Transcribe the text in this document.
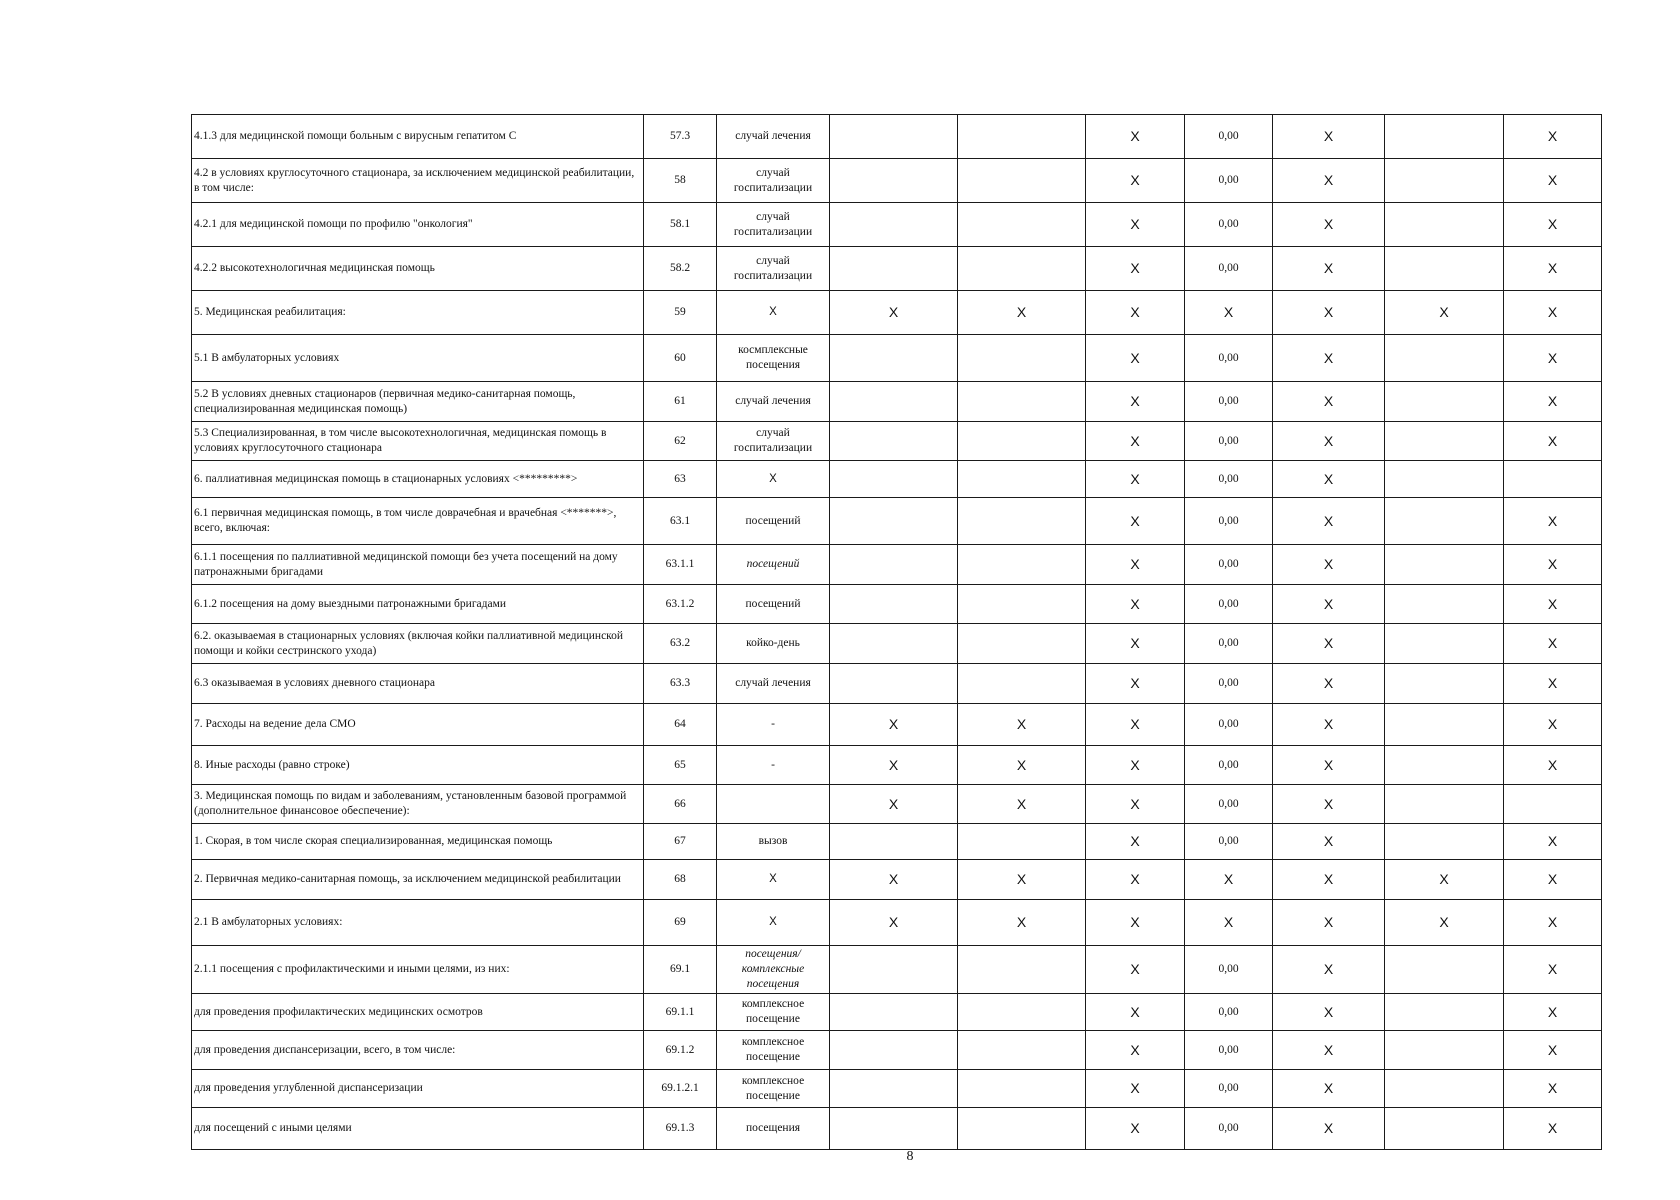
4.1.3 для медицинской помощи больным с вирусным гепатитом С	57.3	случай лечения			X	0,00	X		X
4.2 в условиях круглосуточного стационара, за исключением медицинской реабилитации, в том числе:	58	случай госпитализации			X	0,00	X		X
4.2.1 для медицинской помощи по профилю "онкология"	58.1	случай госпитализации			X	0,00	X		X
4.2.2 высокотехнологичная медицинская помощь	58.2	случай госпитализации			X	0,00	X		X
5. Медицинская реабилитация:	59	X	X	X	X	X	X	X	X
5.1 В амбулаторных условиях	60	космплексные посещения			X	0,00	X		X
5.2 В условиях дневных стационаров (первичная медико-санитарная помощь, специализированная медицинская помощь)	61	случай лечения			X	0,00	X		X
5.3 Специализированная, в том числе высокотехнологичная, медицинская помощь в условиях круглосуточного стационара	62	случай госпитализации			X	0,00	X		X
6. паллиативная медицинская помощь в стационарных условиях <*********>	63	X			X	0,00	X		
6.1 первичная медицинская помощь, в том числе доврачебная и врачебная <*******>, всего, включая:	63.1	посещений			X	0,00	X		X
6.1.1 посещения по паллиативной медицинской помощи без учета посещений на дому патронажными бригадами	63.1.1	посещений			X	0,00	X		X
6.1.2 посещения на дому выездными патронажными бригадами	63.1.2	посещений			X	0,00	X		X
6.2. оказываемая в стационарных условиях (включая койки паллиативной медицинской помощи и койки сестринского ухода)	63.2	койко-день			X	0,00	X		X
6.3 оказываемая в условиях дневного стационара	63.3	случай лечения			X	0,00	X		X
7. Расходы на ведение дела СМО	64	-	X	X	X	0,00	X		X
8. Иные расходы (равно строке)	65	-	X	X	X	0,00	X		X
3. Медицинская помощь по видам и заболеваниям, установленным базовой программой (дополнительное финансовое обеспечение):	66		X	X	X	0,00	X		
1. Скорая, в том числе скорая специализированная, медицинская помощь	67	вызов			X	0,00	X		X
2. Первичная медико-санитарная помощь, за исключением медицинской реабилитации	68	X	X	X	X	X	X	X	X
2.1 В амбулаторных условиях:	69	X	X	X	X	X	X	X	X
2.1.1 посещения с профилактическими и иными целями, из них:	69.1	посещения/ комплексные посещения			X	0,00	X		X
для проведения профилактических медицинских осмотров	69.1.1	комплексное посещение			X	0,00	X		X
для проведения диспансеризации, всего, в том числе:	69.1.2	комплексное посещение			X	0,00	X		X
для проведения углубленной диспансеризации	69.1.2.1	комплексное посещение			X	0,00	X		X
для посещений с иными целями	69.1.3	посещения			X	0,00	X		X
8
